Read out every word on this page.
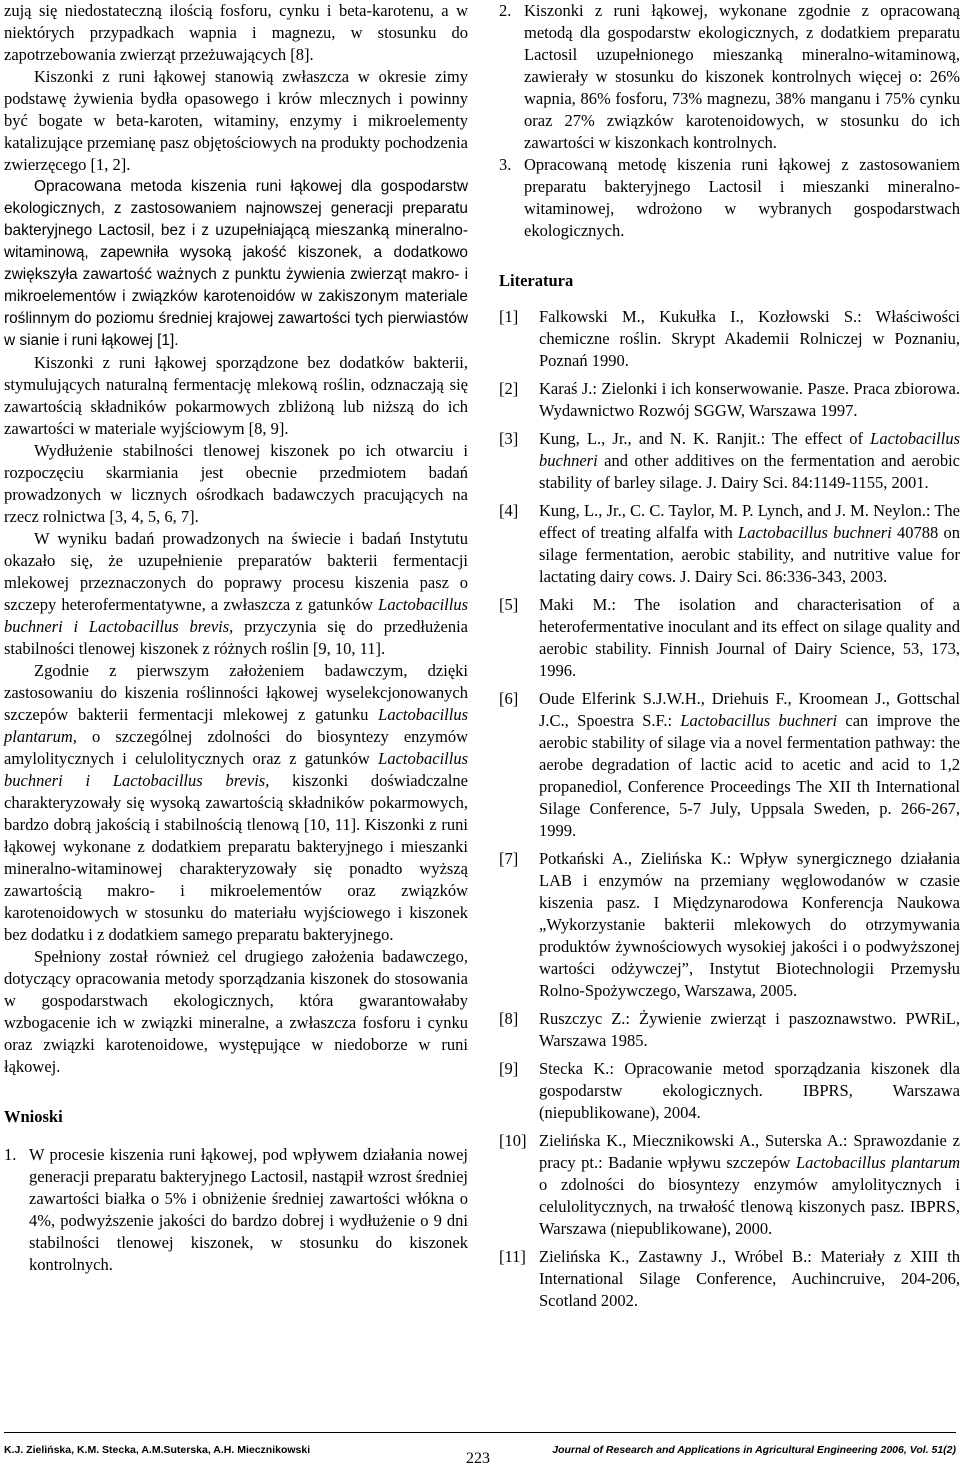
zują się niedostateczną ilością fosforu, cynku i beta-karotenu, a w niektórych przypadkach wapnia i magnezu, w stosunku do zapotrzebowania zwierząt przeżuwających [8].

Kiszonki z runi łąkowej stanowią zwłaszcza w okresie zimy podstawę żywienia bydła opasowego i krów mlecznych i powinny być bogate w beta-karoten, witaminy, enzymy i mikroelementy katalizujące przemianę pasz objętościowych na produkty pochodzenia zwierzęcego [1, 2].

Opracowana metoda kiszenia runi łąkowej dla gospodarstw ekologicznych, z zastosowaniem najnowszej generacji preparatu bakteryjnego Lactosil, bez i z uzupełniającą mieszanką mineralno-witaminową, zapewniła wysoką jakość kiszonek, a dodatkowo zwiększyła zawartość ważnych z punktu żywienia zwierząt makro- i mikroelementów i związków karotenoidów w zakiszonym materiale roślinnym do poziomu średniej krajowej zawartości tych pierwiastów w sianie i runi łąkowej [1].

Kiszonki z runi łąkowej sporządzone bez dodatków bakterii, stymulujących naturalną fermentację mlekową roślin, odznaczają się zawartością składników pokarmowych zbliżoną lub niższą do ich zawartości w materiale wyjściowym [8, 9].

Wydłużenie stabilności tlenowej kiszonek po ich otwarciu i rozpoczęciu skarmiania jest obecnie przedmiotem badań prowadzonych w licznych ośrodkach badawczych pracujących na rzecz rolnictwa [3, 4, 5, 6, 7].

W wyniku badań prowadzonych na świecie i badań Instytutu okazało się, że uzupełnienie preparatów bakterii fermentacji mlekowej przeznaczonych do poprawy procesu kiszenia pasz o szczepy heterofermentatywne, a zwłaszcza z gatunków Lactobacillus buchneri i Lactobacillus brevis, przyczynia się do przedłużenia stabilności tlenowej kiszonek z różnych roślin [9, 10, 11].

Zgodnie z pierwszym założeniem badawczym, dzięki zastosowaniu do kiszenia roślinności łąkowej wyselekcjonowanych szczepów bakterii fermentacji mlekowej z gatunku Lactobacillus plantarum, o szczególnej zdolności do biosyntezy enzymów amylolitycznych i celulolitycznych oraz z gatunków Lactobacillus buchneri i Lactobacillus brevis, kiszonki doświadczalne charakteryzowały się wysoką zawartością składników pokarmowych, bardzo dobrą jakością i stabilnością tlenową [10, 11]. Kiszonki z runi łąkowej wykonane z dodatkiem preparatu bakteryjnego i mieszanki mineralno-witaminowej charakteryzowały się ponadto wyższą zawartością makro- i mikroelementów oraz związków karotenoidowych w stosunku do materiału wyjściowego i kiszonek bez dodatku i z dodatkiem samego preparatu bakteryjnego.

Spełniony został również cel drugiego założenia badawczego, dotyczący opracowania metody sporządzania kiszonek do stosowania w gospodarstwach ekologicznych, która gwarantowałaby wzbogacenie ich w związki mineralne, a zwłaszcza fosforu i cynku oraz związki karotenoidowe, występujące w niedoborze w runi łąkowej.

Wnioski
1. W procesie kiszenia runi łąkowej, pod wpływem działania nowej generacji preparatu bakteryjnego Lactosil, nastąpił wzrost średniej zawartości białka o 5% i obniżenie średniej zawartości włókna o 4%, podwyższenie jakości do bardzo dobrej i wydłużenie o 9 dni stabilności tlenowej kiszonek, w stosunku do kiszonek kontrolnych.
2. Kiszonki z runi łąkowej, wykonane zgodnie z opracowaną metodą dla gospodarstw ekologicznych, z dodatkiem preparatu Lactosil uzupełnionego mieszanką mineralno-witaminową, zawierały w stosunku do kiszonek kontrolnych więcej o: 26% wapnia, 86% fosforu, 73% magnezu, 38% manganu i 75% cynku oraz 27% związków karotenoidowych, w stosunku do ich zawartości w kiszonkach kontrolnych.
3. Opracowaną metodę kiszenia runi łąkowej z zastosowaniem preparatu bakteryjnego Lactosil i mieszanki mineralno-witaminowej, wdrożono w wybranych gospodarstwach ekologicznych.
Literatura
[1] Falkowski M., Kukułka I., Kozłowski S.: Właściwości chemiczne roślin. Skrypt Akademii Rolniczej w Poznaniu, Poznań 1990.
[2] Karaś J.: Zielonki i ich konserwowanie. Pasze. Praca zbiorowa. Wydawnictwo Rozwój SGGW, Warszawa 1997.
[3] Kung, L., Jr., and N. K. Ranjit.: The effect of Lactobacillus buchneri and other additives on the fermentation and aerobic stability of barley silage. J. Dairy Sci. 84:1149-1155, 2001.
[4] Kung, L., Jr., C. C. Taylor, M. P. Lynch, and J. M. Neylon.: The effect of treating alfalfa with Lactobacillus buchneri 40788 on silage fermentation, aerobic stability, and nutritive value for lactating dairy cows. J. Dairy Sci. 86:336-343, 2003.
[5] Maki M.: The isolation and characterisation of a heterofermentative inoculant and its effect on silage quality and aerobic stability. Finnish Journal of Dairy Science, 53, 173, 1996.
[6] Oude Elferink S.J.W.H., Driehuis F., Kroomean J., Gottschal J.C., Spoestra S.F.: Lactobacillus buchneri can improve the aerobic stability of silage via a novel fermentation pathway: the aerobe degradation of lactic acid to acetic and acid to 1,2 propanediol, Conference Proceedings The XII th International Silage Conference, 5-7 July, Uppsala Sweden, p. 266-267, 1999.
[7] Potkański A., Zielińska K.: Wpływ synergicznego działania LAB i enzymów na przemiany węglowodanów w czasie kiszenia pasz. I Międzynarodowa Konferencja Naukowa „Wykorzystanie bakterii mlekowych do otrzymywania produktów żywnościowych wysokiej jakości i o podwyższonej wartości odżywczej”, Instytut Biotechnologii Przemysłu Rolno-Spożywczego, Warszawa, 2005.
[8] Ruszczyc Z.: Żywienie zwierząt i paszoznawstwo. PWRiL, Warszawa 1985.
[9] Stecka K.: Opracowanie metod sporządzania kiszonek dla gospodarstw ekologicznych. IBPRS, Warszawa (niepublikowane), 2004.
[10] Zielińska K., Miecznikowski A., Suterska A.: Sprawozdanie z pracy pt.: Badanie wpływu szczepów Lactobacillus plantarum o zdolności do biosyntezy enzymów amylolitycznych i celulolitycznych, na trwałość tlenową kiszonych pasz. IBPRS, Warszawa (niepublikowane), 2000.
[11] Zielińska K., Zastawny J., Wróbel B.: Materiały z XIII th International Silage Conference, Auchincruive, 204-206, Scotland 2002.
K.J. Zielińska, K.M. Stecka, A.M.Suterska, A.H. Miecznikowski	223	Journal of Research and Applications in Agricultural Engineering 2006, Vol. 51(2)
